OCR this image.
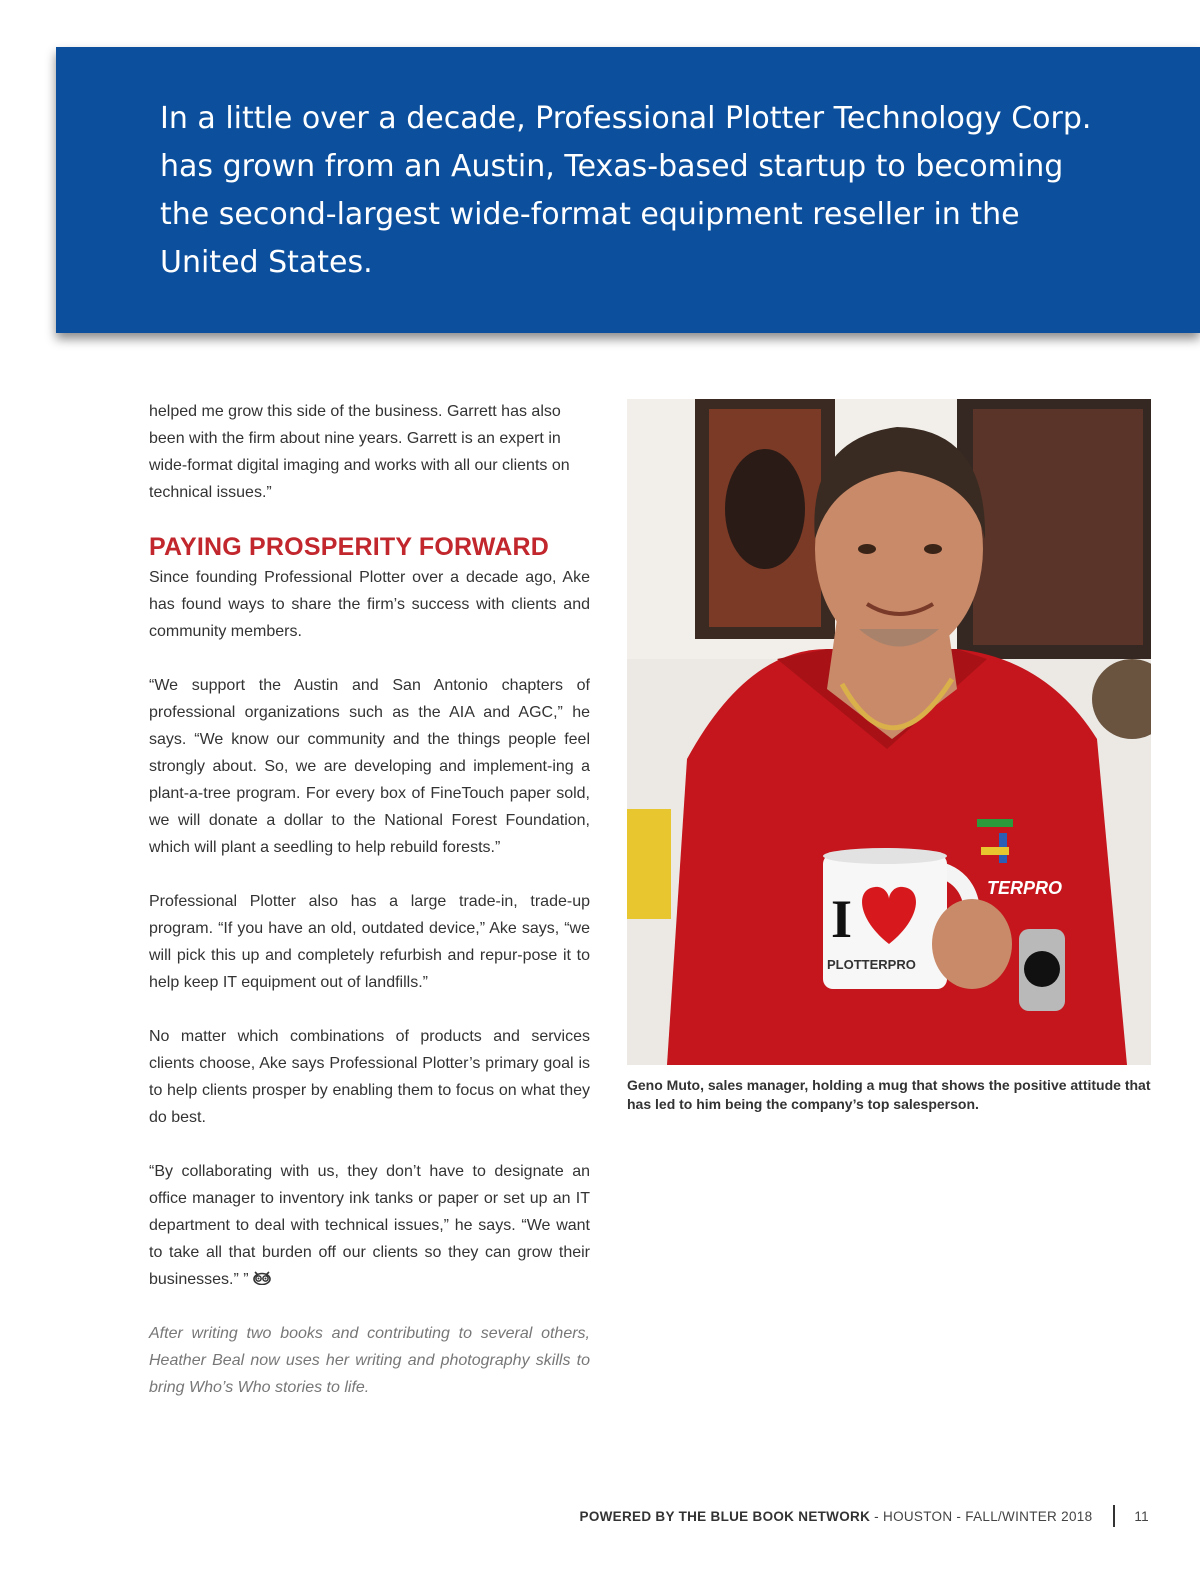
In a little over a decade, Professional Plotter Technology Corp. has grown from an Austin, Texas-based startup to becoming the second-largest wide-format equipment reseller in the United States.

helped me grow this side of the business. Garrett has also been with the firm about nine years. Garrett is an expert in wide-format digital imaging and works with all our clients on technical issues.”

PAYING PROSPERITY FORWARD

Since founding Professional Plotter over a decade ago, Ake has found ways to share the firm’s success with clients and community members.

“We support the Austin and San Antonio chapters of professional organizations such as the AIA and AGC,” he says. “We know our community and the things people feel strongly about. So, we are developing and implement-ing a plant-a-tree program. For every box of FineTouch paper sold, we will donate a dollar to the National Forest Foundation, which will plant a seedling to help rebuild forests.”

Professional Plotter also has a large trade-in, trade-up program. “If you have an old, outdated device,” Ake says, “we will pick this up and completely refurbish and repur-pose it to help keep IT equipment out of landfills.”

No matter which combinations of products and services clients choose, Ake says Professional Plotter’s primary goal is to help clients prosper by enabling them to focus on what they do best.

“By collaborating with us, they don’t have to designate an office manager to inventory ink tanks or paper or set up an IT department to deal with technical issues,” he says. “We want to take all that burden off our clients so they can grow their businesses.” ”

After writing two books and contributing to several others, Heather Beal now uses her writing and photography skills to bring Who’s Who stories to life.

TERPRO
I
PLOTTERPRO

Geno Muto, sales manager, holding a mug that shows the positive attitude that has led to him being the company’s top salesperson.

POWERED BY THE BLUE BOOK NETWORK - HOUSTON - FALL/WINTER 2018	11
